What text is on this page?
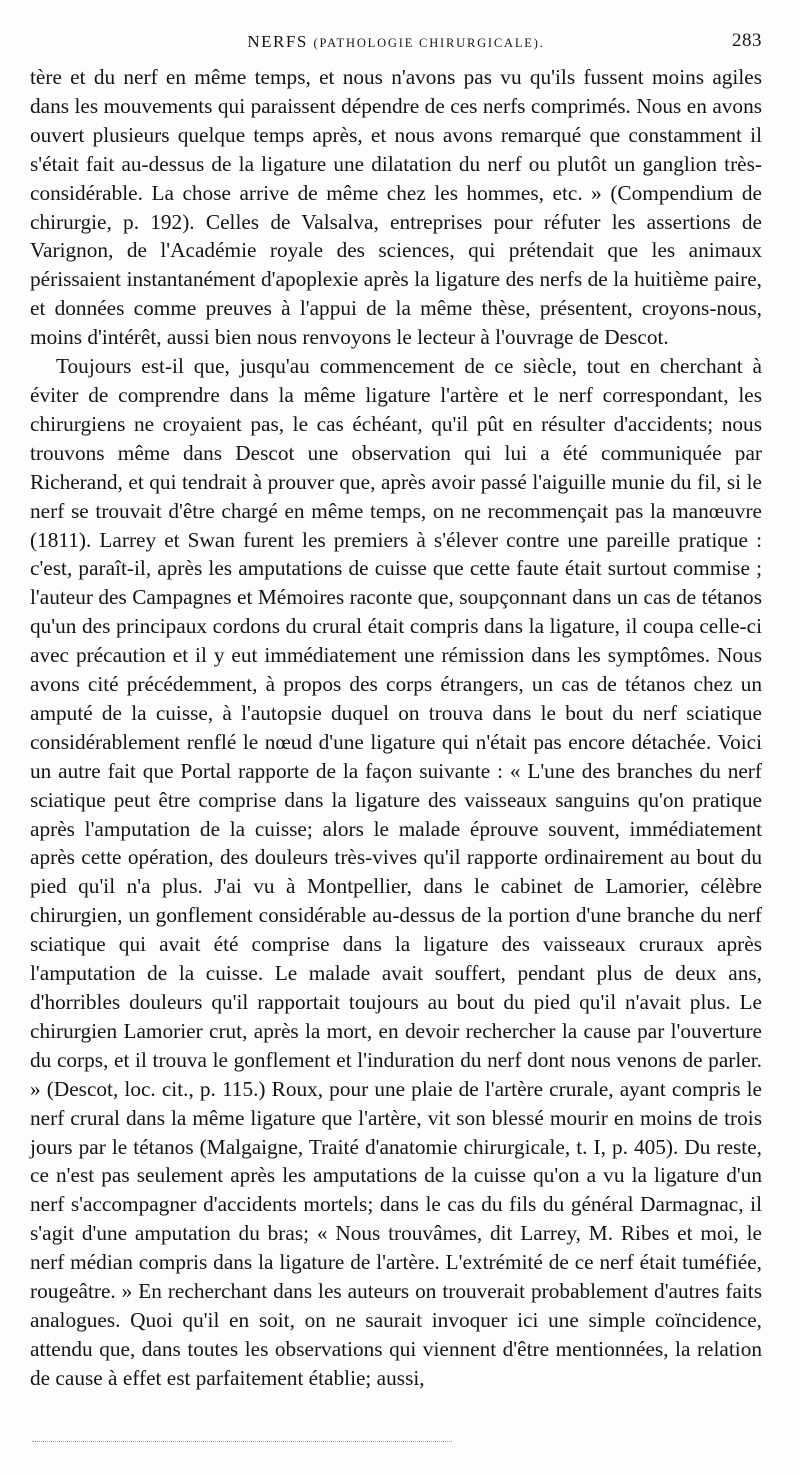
NERFS (PATHOLOGIE CHIRURGICALE).	283

tère et du nerf en même temps, et nous n'avons pas vu qu'ils fussent moins agiles dans les mouvements qui paraissent dépendre de ces nerfs comprimés. Nous en avons ouvert plusieurs quelque temps après, et nous avons remarqué que constamment il s'était fait au-dessus de la ligature une dilatation du nerf ou plutôt un ganglion très-considérable. La chose arrive de même chez les hommes, etc. » (Compendium de chirurgie, p. 192). Celles de Valsalva, entreprises pour réfuter les assertions de Varignon, de l'Académie royale des sciences, qui prétendait que les animaux périssaient instantanément d'apoplexie après la ligature des nerfs de la huitième paire, et données comme preuves à l'appui de la même thèse, présentent, croyons-nous, moins d'intérêt, aussi bien nous renvoyons le lecteur à l'ouvrage de Descot.

Toujours est-il que, jusqu'au commencement de ce siècle, tout en cherchant à éviter de comprendre dans la même ligature l'artère et le nerf correspondant, les chirurgiens ne croyaient pas, le cas échéant, qu'il pût en résulter d'accidents; nous trouvons même dans Descot une observation qui lui a été communiquée par Richerand, et qui tendrait à prouver que, après avoir passé l'aiguille munie du fil, si le nerf se trouvait d'être chargé en même temps, on ne recommençait pas la manœuvre (1811). Larrey et Swan furent les premiers à s'élever contre une pareille pratique : c'est, paraît-il, après les amputations de cuisse que cette faute était surtout commise ; l'auteur des Campagnes et Mémoires raconte que, soupçonnant dans un cas de tétanos qu'un des principaux cordons du crural était compris dans la ligature, il coupa celle-ci avec précaution et il y eut immédiatement une rémission dans les symptômes. Nous avons cité précédemment, à propos des corps étrangers, un cas de tétanos chez un amputé de la cuisse, à l'autopsie duquel on trouva dans le bout du nerf sciatique considérablement renflé le nœud d'une ligature qui n'était pas encore détachée. Voici un autre fait que Portal rapporte de la façon suivante : « L'une des branches du nerf sciatique peut être comprise dans la ligature des vaisseaux sanguins qu'on pratique après l'amputation de la cuisse; alors le malade éprouve souvent, immédiatement après cette opération, des douleurs très-vives qu'il rapporte ordinairement au bout du pied qu'il n'a plus. J'ai vu à Montpellier, dans le cabinet de Lamorier, célèbre chirurgien, un gonflement considérable au-dessus de la portion d'une branche du nerf sciatique qui avait été comprise dans la ligature des vaisseaux cruraux après l'amputation de la cuisse. Le malade avait souffert, pendant plus de deux ans, d'horribles douleurs qu'il rapportait toujours au bout du pied qu'il n'avait plus. Le chirurgien Lamorier crut, après la mort, en devoir rechercher la cause par l'ouverture du corps, et il trouva le gonflement et l'induration du nerf dont nous venons de parler. » (Descot, loc. cit., p. 115.) Roux, pour une plaie de l'artère crurale, ayant compris le nerf crural dans la même ligature que l'artère, vit son blessé mourir en moins de trois jours par le tétanos (Malgaigne, Traité d'anatomie chirurgicale, t. I, p. 405). Du reste, ce n'est pas seulement après les amputations de la cuisse qu'on a vu la ligature d'un nerf s'accompagner d'accidents mortels; dans le cas du fils du général Darmagnac, il s'agit d'une amputation du bras; « Nous trouvâmes, dit Larrey, M. Ribes et moi, le nerf médian compris dans la ligature de l'artère. L'extrémité de ce nerf était tuméfiée, rougeâtre. » En recherchant dans les auteurs on trouverait probablement d'autres faits analogues. Quoi qu'il en soit, on ne saurait invoquer ici une simple coïncidence, attendu que, dans toutes les observations qui viennent d'être mentionnées, la relation de cause à effet est parfaitement établie; aussi,
